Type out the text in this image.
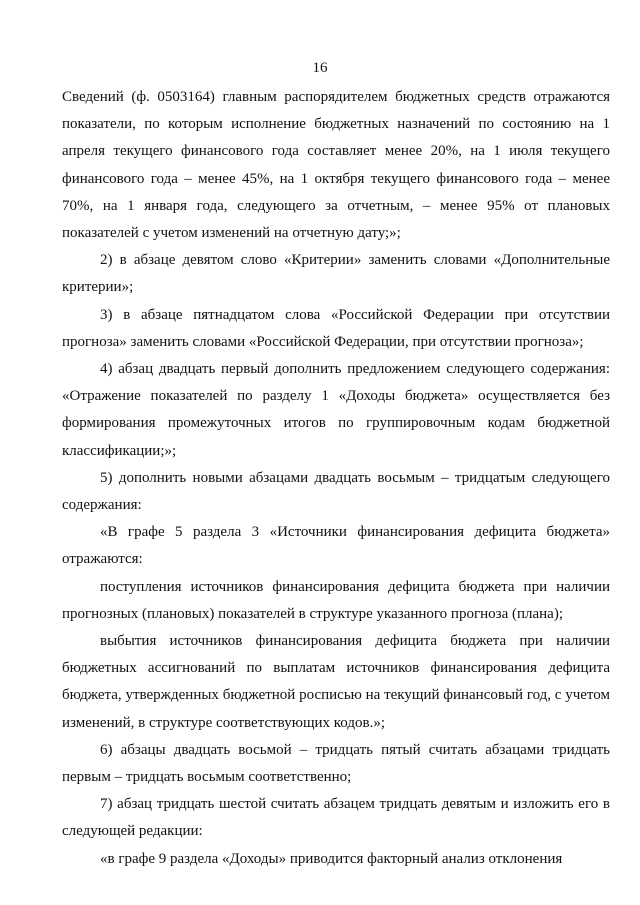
16

Сведений (ф. 0503164) главным распорядителем бюджетных средств отражаются показатели, по которым исполнение бюджетных назначений по состоянию на 1 апреля текущего финансового года составляет менее 20%, на 1 июля текущего финансового года – менее 45%, на 1 октября текущего финансового года – менее 70%, на 1 января года, следующего за отчетным, – менее 95% от плановых показателей с учетом изменений на отчетную дату;»;

2) в абзаце девятом слово «Критерии» заменить словами «Дополнительные критерии»;

3) в абзаце пятнадцатом слова «Российской Федерации при отсутствии прогноза» заменить словами «Российской Федерации, при отсутствии прогноза»;

4) абзац двадцать первый дополнить предложением следующего содержания: «Отражение показателей по разделу 1 «Доходы бюджета» осуществляется без формирования промежуточных итогов по группировочным кодам бюджетной классификации;»;

5) дополнить новыми абзацами двадцать восьмым – тридцатым следующего содержания:

«В графе 5 раздела 3 «Источники финансирования дефицита бюджета» отражаются:

поступления источников финансирования дефицита бюджета при наличии прогнозных (плановых) показателей в структуре указанного прогноза (плана);

выбытия источников финансирования дефицита бюджета при наличии бюджетных ассигнований по выплатам источников финансирования дефицита бюджета, утвержденных бюджетной росписью на текущий финансовый год, с учетом изменений, в структуре соответствующих кодов.»;

6) абзацы двадцать восьмой – тридцать пятый считать абзацами тридцать первым – тридцать восьмым соответственно;

7) абзац тридцать шестой считать абзацем тридцать девятым и изложить его в следующей редакции:

«в графе 9 раздела «Доходы» приводится факторный анализ отклонения
